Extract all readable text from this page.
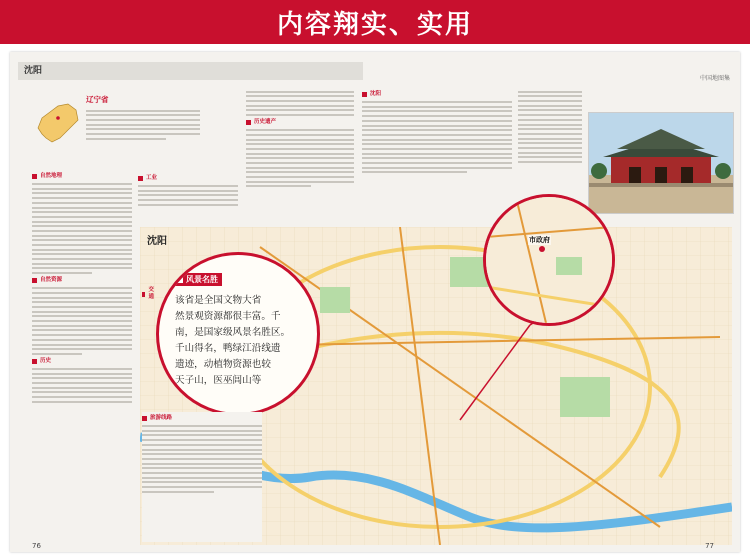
内容翔实、实用
沈阳
中国地图集
辽宁省
自然地理
自然资源
历史
工业
历史遗产
沈阳
沈阳	市政府
风景名胜
该省是全国文物大省
然景观资源都很丰富。千
南，是国家级风景名胜区。
千山得名，鸭绿江沿线遗
遗迹，动植物资源也较
天子山，医巫闾山等
旅游线路
交通
76	77
